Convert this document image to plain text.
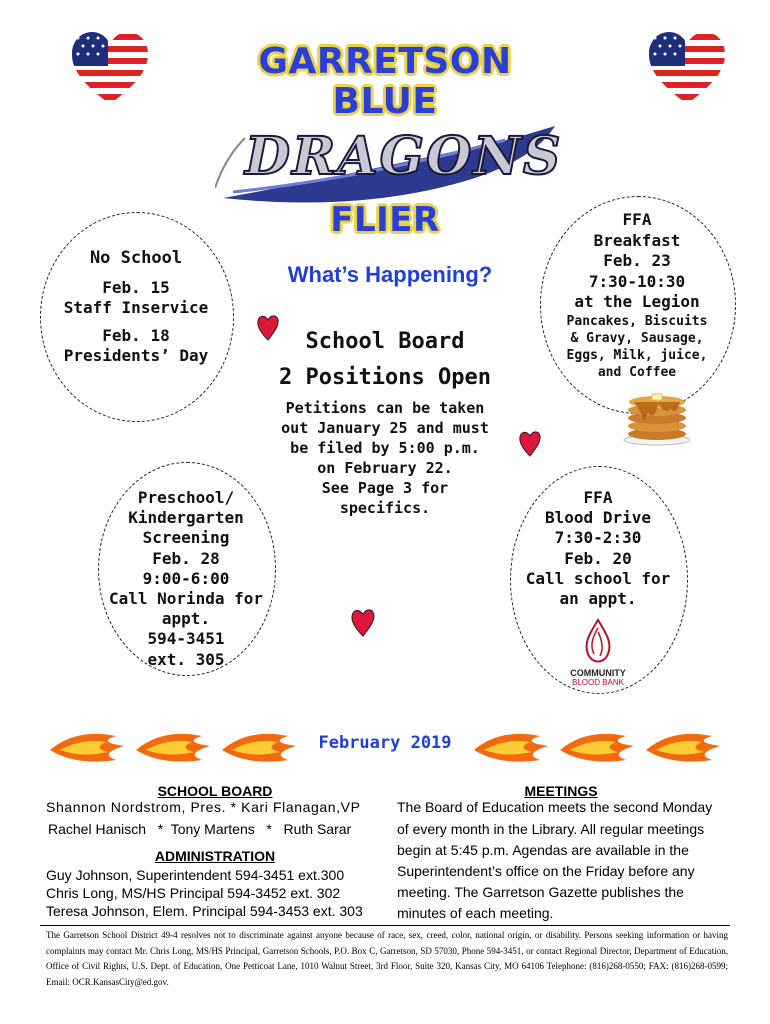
GARRETSON
BLUE
DRAGONS
FLIER
What’s Happening?
No School
Feb. 15
Staff Inservice
Feb. 18
Presidents’ Day
FFA
Breakfast
Feb. 23
7:30-10:30
at the Legion
Pancakes, Biscuits
& Gravy, Sausage,
Eggs, Milk, juice,
and Coffee
School Board
2 Positions Open
Petitions can be taken
out January 25 and must
be filed by 5:00 p.m.
on February 22.
See Page 3 for
specifics.
Preschool/
Kindergarten
Screening
Feb. 28
9:00-6:00
Call Norinda for
appt.
594-3451
ext. 305
FFA
Blood Drive
7:30-2:30
Feb. 20
Call school for
an appt.
COMMUNITY
BLOOD BANK
February 2019
SCHOOL BOARD
Shannon Nordstrom, Pres. * Kari Flanagan,VP
Rachel Hanisch   *  Tony Martens   *   Ruth Sarar
ADMINISTRATION
Guy Johnson, Superintendent 594-3451 ext.300
Chris Long, MS/HS Principal 594-3452 ext. 302
Teresa Johnson, Elem. Principal 594-3453 ext. 303
MEETINGS
The Board of Education meets the second Monday
of every month in the Library. All regular meetings
begin at 5:45 p.m. Agendas are available in the
Superintendent’s office on the Friday before any
meeting. The Garretson Gazette publishes the
minutes of each meeting.
The Garretson School District 49-4 resolves not to discriminate against anyone because of race, sex, creed, color, national origin, or disability. Persons seeking information or having complaints may contact Mr. Chris Long, MS/HS Principal, Garretson Schools, P.O. Box C, Garretson, SD 57030, Phone 594-3451, or contact Regional Director, Department of Education, Office of Civil Rights, U.S. Dept. of Education, One Petticoat Lane, 1010 Walnut Street, 3rd Floor, Suite 320, Kansas City, MO 64106 Telephone: (816)268-0550; FAX: (816)268-0599; Email: OCR.KansasCity@ed.gov.
